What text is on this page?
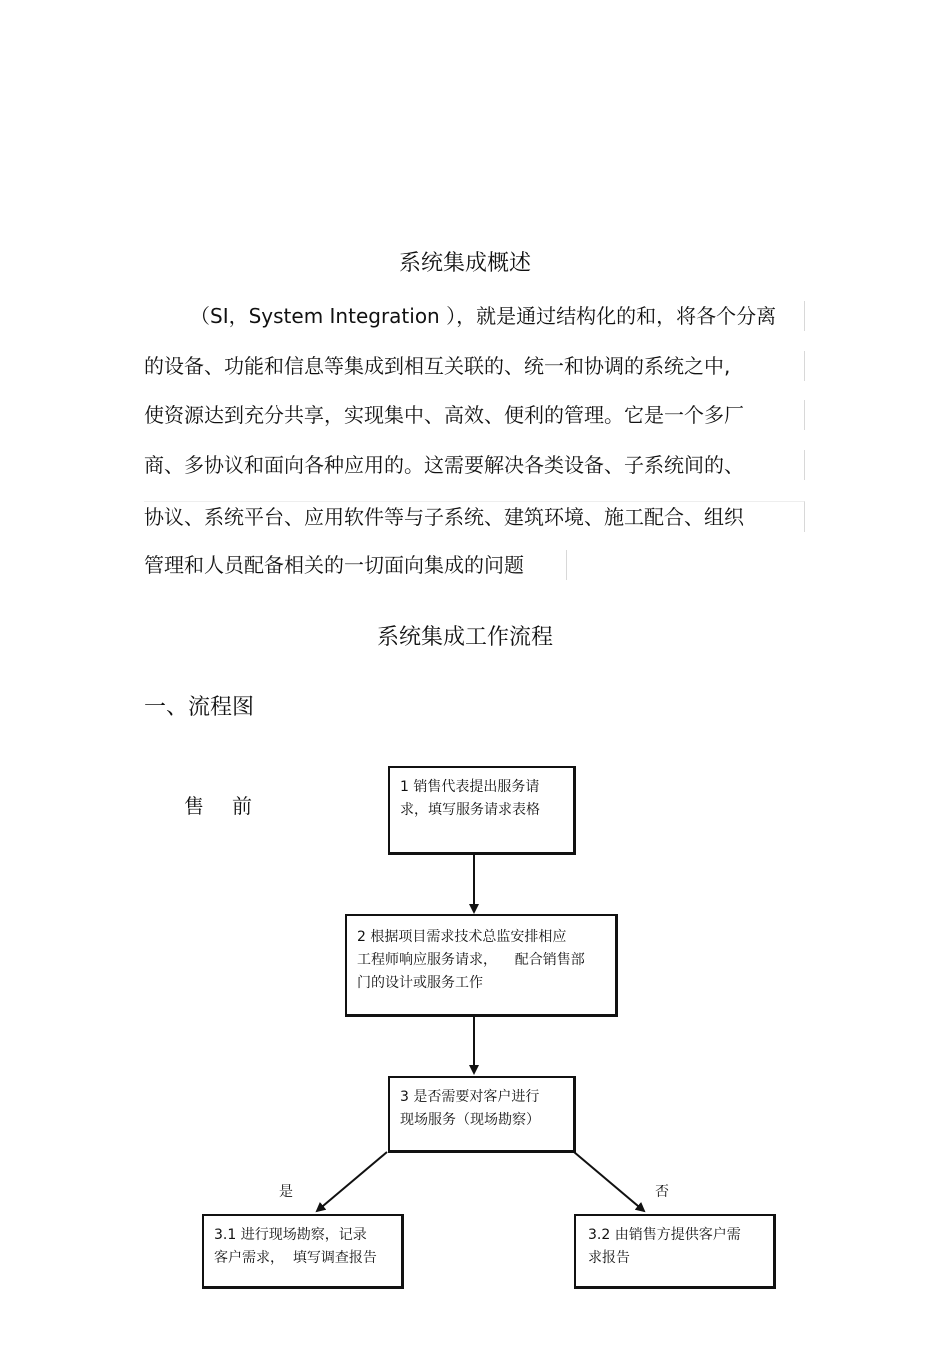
系统集成概述
（SI，System Integration ），就是通过结构化的和，将各个分离
的设备、功能和信息等集成到相互关联的、统一和协调的系统之中,
使资源达到充分共享，实现集中、高效、便利的管理。它是一个多厂
商、多协议和面向各种应用的。这需要解决各类设备、子系统间的、
协议、系统平台、应用软件等与子系统、建筑环境、施工配合、组织
管理和人员配备相关的一切面向集成的问题
系统集成工作流程
一、流程图
售前
1 销售代表提出服务请
求，填写服务请求表格
2 根据项目需求技术总监安排相应
工程师响应服务请求，    配合销售部
门的设计或服务工作
3 是否需要对客户进行
现场服务（现场勘察）
是	否
3.1 进行现场勘察，记录
客户需求，  填写调查报告
3.2 由销售方提供客户需
求报告
